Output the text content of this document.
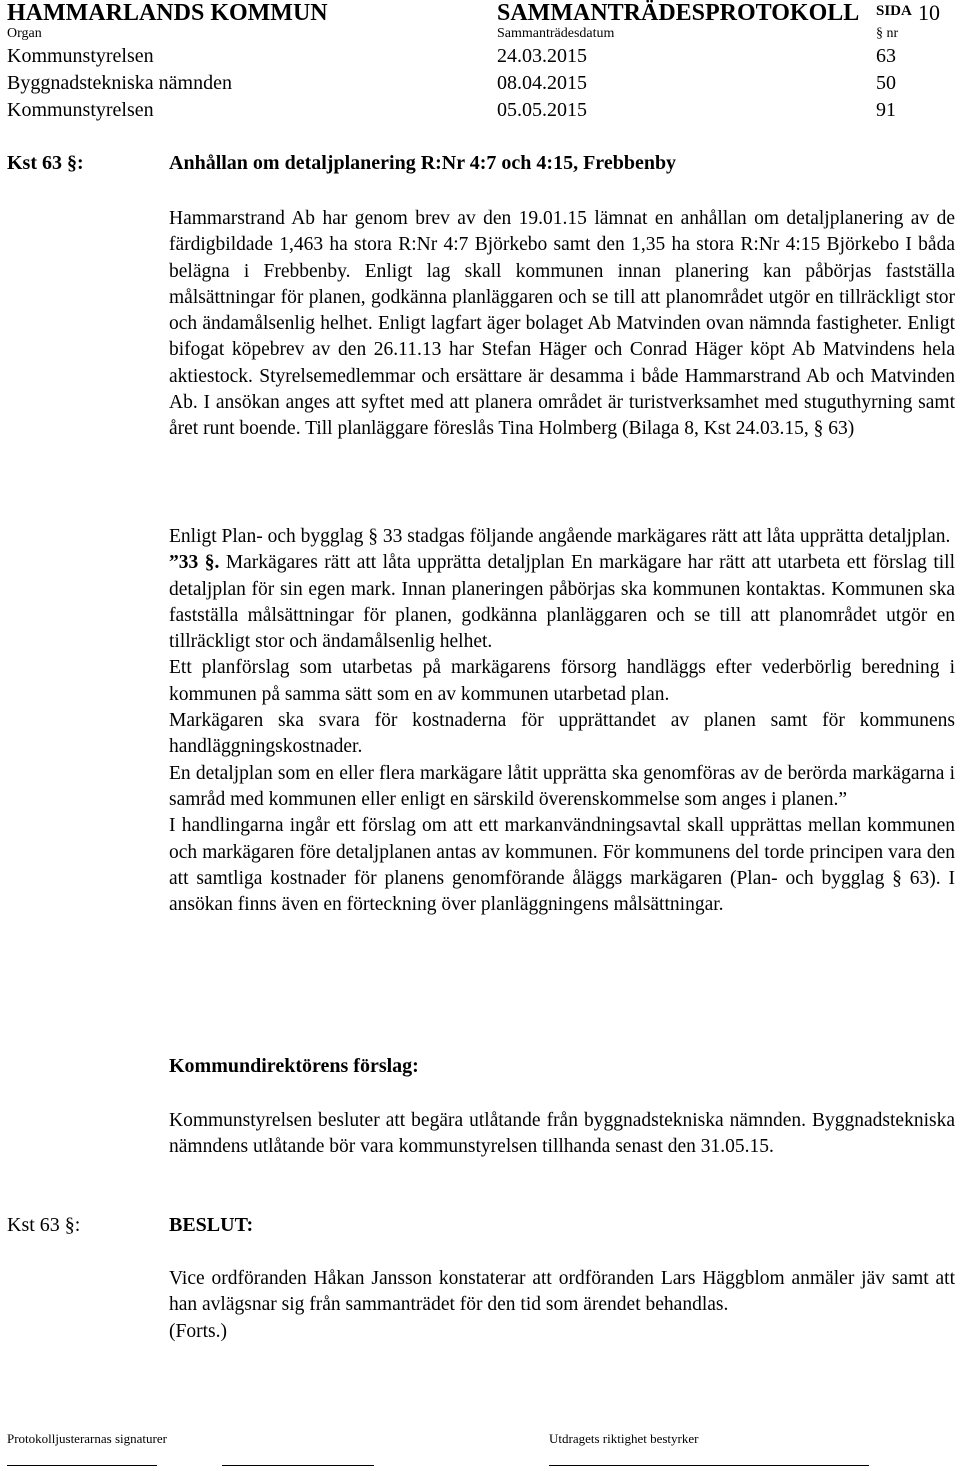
HAMMARLANDS KOMMUN	SAMMANTRÄDESPROTOKOLL SIDA 10
Organ	Sammanträdesdatum	§ nr
Kommunstyrelsen	24.03.2015	63
Byggnadstekniska nämnden	08.04.2015	50
Kommunstyrelsen	05.05.2015	91
Kst 63 §:	Anhållan om detaljplanering R:Nr 4:7 och 4:15, Frebbenby

Hammarstrand Ab har genom brev av den 19.01.15 lämnat en anhållan om detaljplanering av de färdigbildade 1,463 ha stora R:Nr 4:7 Björkebo samt den 1,35 ha stora R:Nr 4:15 Björkebo I båda belägna i Frebbenby. Enligt lag skall kommunen innan planering kan påbörjas fastställa målsättningar för planen, godkänna planläggaren och se till att planområdet utgör en tillräckligt stor och ändamålsenlig helhet. Enligt lagfart äger bolaget Ab Matvinden ovan nämnda fastigheter. Enligt bifogat köpebrev av den 26.11.13 har Stefan Häger och Conrad Häger köpt Ab Matvindens hela aktiestock. Styrelsemedlemmar och ersättare är desamma i både Hammarstrand Ab och Matvinden Ab. I ansökan anges att syftet med att planera området är turistverksamhet med stuguthyrning samt året runt boende. Till planläggare föreslås Tina Holmberg (Bilaga 8, Kst 24.03.15, § 63)

Enligt Plan- och bygglag § 33 stadgas följande angående markägares rätt att låta upprätta detaljplan.

”33 §. Markägares rätt att låta upprätta detaljplan En markägare har rätt att utarbeta ett förslag till detaljplan för sin egen mark. Innan planeringen påbörjas ska kommunen kontaktas. Kommunen ska fastställa målsättningar för planen, godkänna planläggaren och se till att planområdet utgör en tillräckligt stor och ändamålsenlig helhet.

Ett planförslag som utarbetas på markägarens försorg handläggs efter vederbörlig beredning i kommunen på samma sätt som en av kommunen utarbetad plan.

Markägaren ska svara för kostnaderna för upprättandet av planen samt för kommunens handläggningskostnader.

En detaljplan som en eller flera markägare låtit upprätta ska genomföras av de berörda markägarna i samråd med kommunen eller enligt en särskild överenskommelse som anges i planen.”

I handlingarna ingår ett förslag om att ett markanvändningsavtal skall upprättas mellan kommunen och markägaren före detaljplanen antas av kommunen. För kommunens del torde principen vara den att samtliga kostnader för planens genomförande åläggs markägaren (Plan- och bygglag § 63). I ansökan finns även en förteckning över planläggningens målsättningar.

Kommundirektörens förslag:

Kommunstyrelsen besluter att begära utlåtande från byggnadstekniska nämnden. Byggnadstekniska nämndens utlåtande bör vara kommunstyrelsen tillhanda senast den 31.05.15.

Kst 63 §:	BESLUT:

Vice ordföranden Håkan Jansson konstaterar att ordföranden Lars Häggblom anmäler jäv samt att han avlägsnar sig från sammanträdet för den tid som ärendet behandlas.

(Forts.)

Protokolljusterarnas signaturer	Utdragets riktighet bestyrker
